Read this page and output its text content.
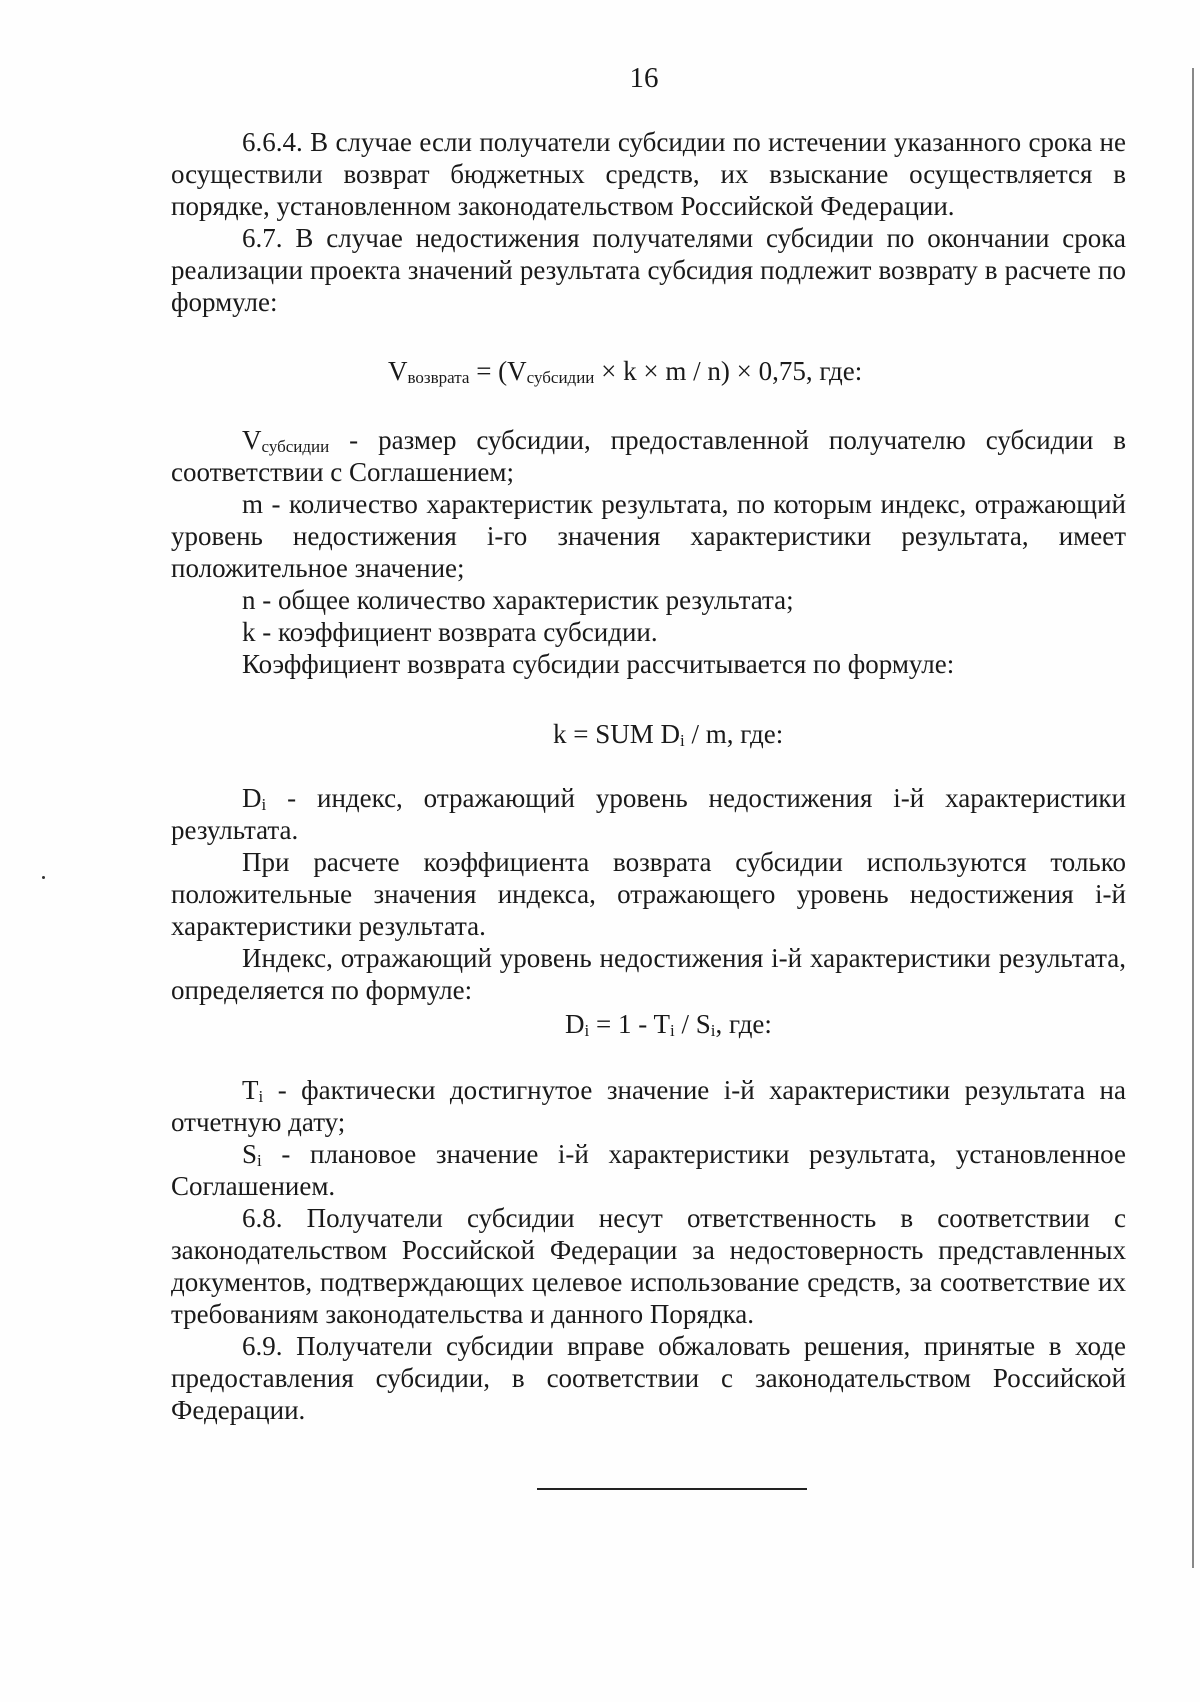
16

6.6.4. В случае если получатели субсидии по истечении указанного срока не осуществили возврат бюджетных средств, их взыскание осуществляется в порядке, установленном законодательством Российской Федерации.

6.7. В случае недостижения получателями субсидии по окончании срока реализации проекта значений результата субсидия подлежит возврату в расчете по формуле:

$V_{возврата} = (V_{субсидии} \times k \times m / n) \times 0,75$, где:

$V_{субсидии}$ - размер субсидии, предоставленной получателю субсидии в соответствии с Соглашением;

m - количество характеристик результата, по которым индекс, отражающий уровень недостижения i-го значения характеристики результата, имеет положительное значение;

n - общее количество характеристик результата;

k - коэффициент возврата субсидии.

Коэффициент возврата субсидии рассчитывается по формуле:

k = SUM $D_i$ / m, где:

$D_i$ - индекс, отражающий уровень недостижения i-й характеристики результата.

При расчете коэффициента возврата субсидии используются только положительные значения индекса, отражающего уровень недостижения i-й характеристики результата.

Индекс, отражающий уровень недостижения i-й характеристики результата, определяется по формуле:

$D_i = 1 - T_i / S_i$, где:

$T_i$ - фактически достигнутое значение i-й характеристики результата на отчетную дату;

$S_i$ - плановое значение i-й характеристики результата, установленное Соглашением.

6.8. Получатели субсидии несут ответственность в соответствии с законодательством Российской Федерации за недостоверность представленных документов, подтверждающих целевое использование средств, за соответствие их требованиям законодательства и данного Порядка.

6.9. Получатели субсидии вправе обжаловать решения, принятые в ходе предоставления субсидии, в соответствии с законодательством Российской Федерации.
